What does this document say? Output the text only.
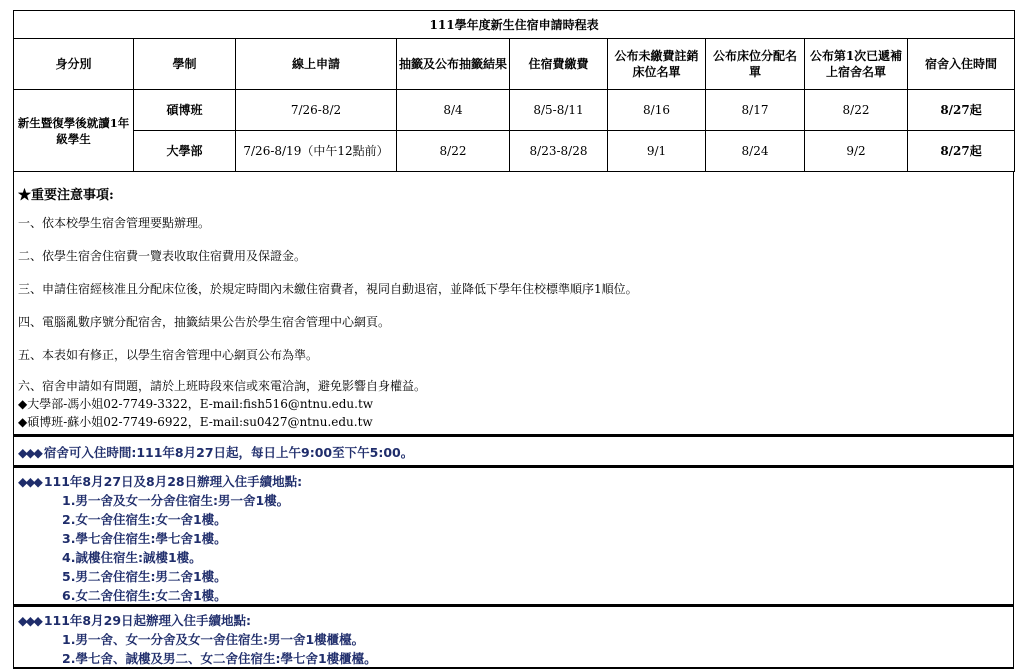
111學年度新生住宿申請時程表								
身分別	學制	線上申請	抽籤及公布抽籤結果	住宿費繳費	公布未繳費註銷床位名單	公布床位分配名單	公布第1次已遞補上宿舍名單	宿舍入住時間
新生暨復學後就讀1年級學生	碩博班	7/26-8/2	8/4	8/5-8/11	8/16	8/17	8/22	8/27起
	大學部	7/26-8/19（中午12點前）	8/22	8/23-8/28	9/1	8/24	9/2	8/27起
★重要注意事項:
一、依本校學生宿舍管理要點辦理。
二、依學生宿舍住宿費一覽表收取住宿費用及保證金。
三、申請住宿經核准且分配床位後，於規定時間內未繳住宿費者，視同自動退宿，並降低下學年住校標準順序1順位。
四、電腦亂數序號分配宿舍，抽籤結果公告於學生宿舍管理中心網頁。
五、本表如有修正，以學生宿舍管理中心網頁公布為準。
六、宿舍申請如有問題，請於上班時段來信或來電洽詢，避免影響自身權益。
◆大學部-馮小姐02-7749-3322，E-mail:fish516@ntnu.edu.tw
◆碩博班-蘇小姐02-7749-6922，E-mail:su0427@ntnu.edu.tw
◆◆◆ 宿舍可入住時間:111年8月27日起，每日上午9:00至下午5:00。
◆◆◆ 111年8月27日及8月28日辦理入住手續地點:
1.男一舍及女一分舍住宿生:男一舍1樓。
2.女一舍住宿生:女一舍1樓。
3.學七舍住宿生:學七舍1樓。
4.誠樓住宿生:誠樓1樓。
5.男二舍住宿生:男二舍1樓。
6.女二舍住宿生:女二舍1樓。
◆◆◆ 111年8月29日起辦理入住手續地點:
1.男一舍、女一分舍及女一舍住宿生:男一舍1樓櫃檯。
2.學七舍、誠樓及男二、女二舍住宿生:學七舍1樓櫃檯。
